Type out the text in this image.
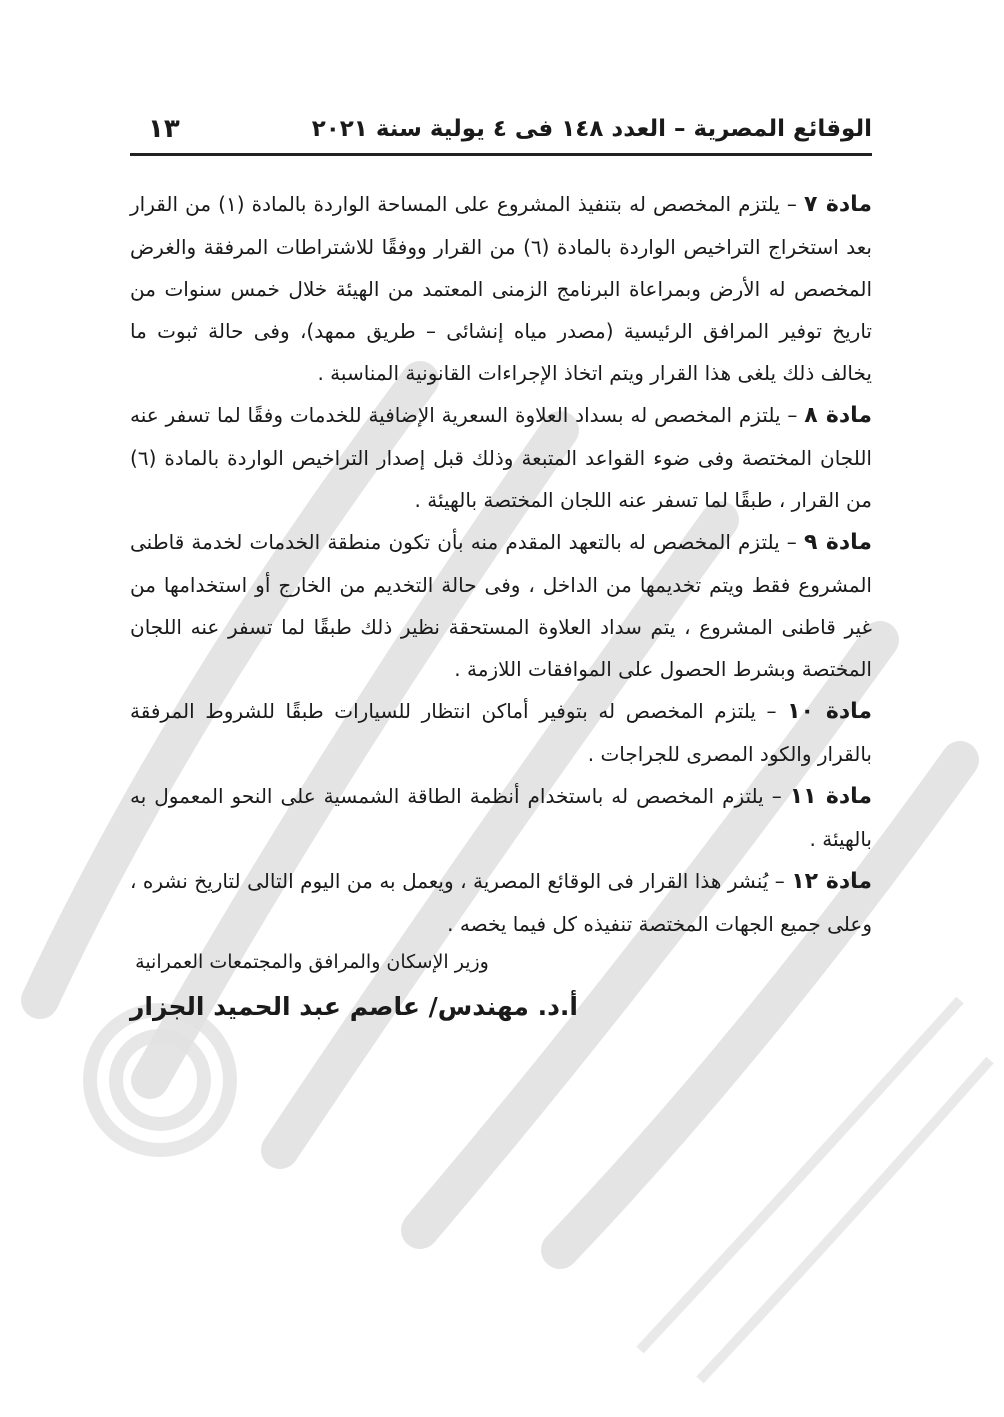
الوقائع المصرية – العدد ١٤٨ فى ٤ يولية سنة ٢٠٢١
١٣

مادة ٧ – يلتزم المخصص له بتنفيذ المشروع على المساحة الواردة بالمادة (١) من القرار بعد استخراج التراخيص الواردة بالمادة (٦) من القرار ووفقًا للاشتراطات المرفقة والغرض المخصص له الأرض وبمراعاة البرنامج الزمنى المعتمد من الهيئة خلال خمس سنوات من تاريخ توفير المرافق الرئيسية (مصدر مياه إنشائى – طريق ممهد)، وفى حالة ثبوت ما يخالف ذلك يلغى هذا القرار ويتم اتخاذ الإجراءات القانونية المناسبة .

مادة ٨ – يلتزم المخصص له بسداد العلاوة السعرية الإضافية للخدمات وفقًا لما تسفر عنه اللجان المختصة وفى ضوء القواعد المتبعة وذلك قبل إصدار التراخيص الواردة بالمادة (٦) من القرار ، طبقًا لما تسفر عنه اللجان المختصة بالهيئة .

مادة ٩ – يلتزم المخصص له بالتعهد المقدم منه بأن تكون منطقة الخدمات لخدمة قاطنى المشروع فقط ويتم تخديمها من الداخل ، وفى حالة التخديم من الخارج أو استخدامها من غير قاطنى المشروع ، يتم سداد العلاوة المستحقة نظير ذلك طبقًا لما تسفر عنه اللجان المختصة وبشرط الحصول على الموافقات اللازمة .

مادة ١٠ – يلتزم المخصص له بتوفير أماكن انتظار للسيارات طبقًا للشروط المرفقة بالقرار والكود المصرى للجراجات .

مادة ١١ – يلتزم المخصص له باستخدام أنظمة الطاقة الشمسية على النحو المعمول به بالهيئة .

مادة ١٢ – يُنشر هذا القرار فى الوقائع المصرية ، ويعمل به من اليوم التالى لتاريخ نشره ، وعلى جميع الجهات المختصة تنفيذه كل فيما يخصه .

وزير الإسكان والمرافق والمجتمعات العمرانية

أ.د. مهندس/ عاصم عبد الحميد الجزار
